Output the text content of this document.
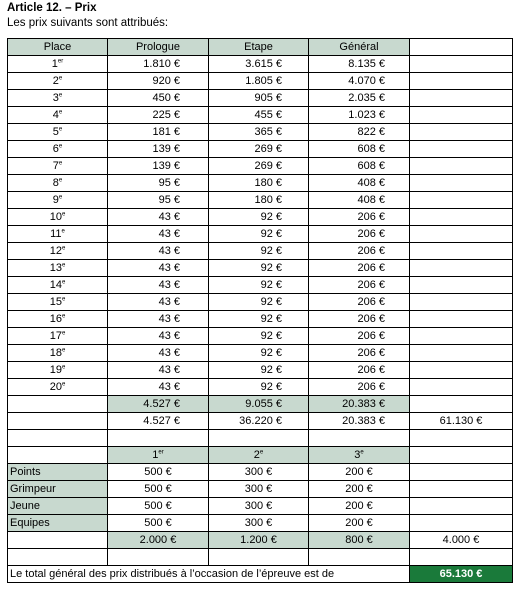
Article 12. – Prix
Les prix suivants sont attribués:
Place	Prologue	Etape	Général	
1er	1.810 €	3.615 €	8.135 €	
2e	920 €	1.805 €	4.070 €	
3e	450 €	905 €	2.035 €	
4e	225 €	455 €	1.023 €	
5e	181 €	365 €	822 €	
6e	139 €	269 €	608 €	
7e	139 €	269 €	608 €	
8e	95 €	180 €	408 €	
9e	95 €	180 €	408 €	
10e	43 €	92 €	206 €	
11e	43 €	92 €	206 €	
12e	43 €	92 €	206 €	
13e	43 €	92 €	206 €	
14e	43 €	92 €	206 €	
15e	43 €	92 €	206 €	
16e	43 €	92 €	206 €	
17e	43 €	92 €	206 €	
18e	43 €	92 €	206 €	
19e	43 €	92 €	206 €	
20e	43 €	92 €	206 €	
	4.527 €	9.055 €	20.383 €	
	4.527 €	36.220 €	20.383 €	61.130 €

	1er	2e	3e	
Points	500 €	300 €	200 €	
Grimpeur	500 €	300 €	200 €	
Jeune	500 €	300 €	200 €	
Equipes	500 €	300 €	200 €	
	2.000 €	1.200 €	800 €	4.000 €

Le total général des prix distribués à l’occasion de l’épreuve est de				65.130 €
